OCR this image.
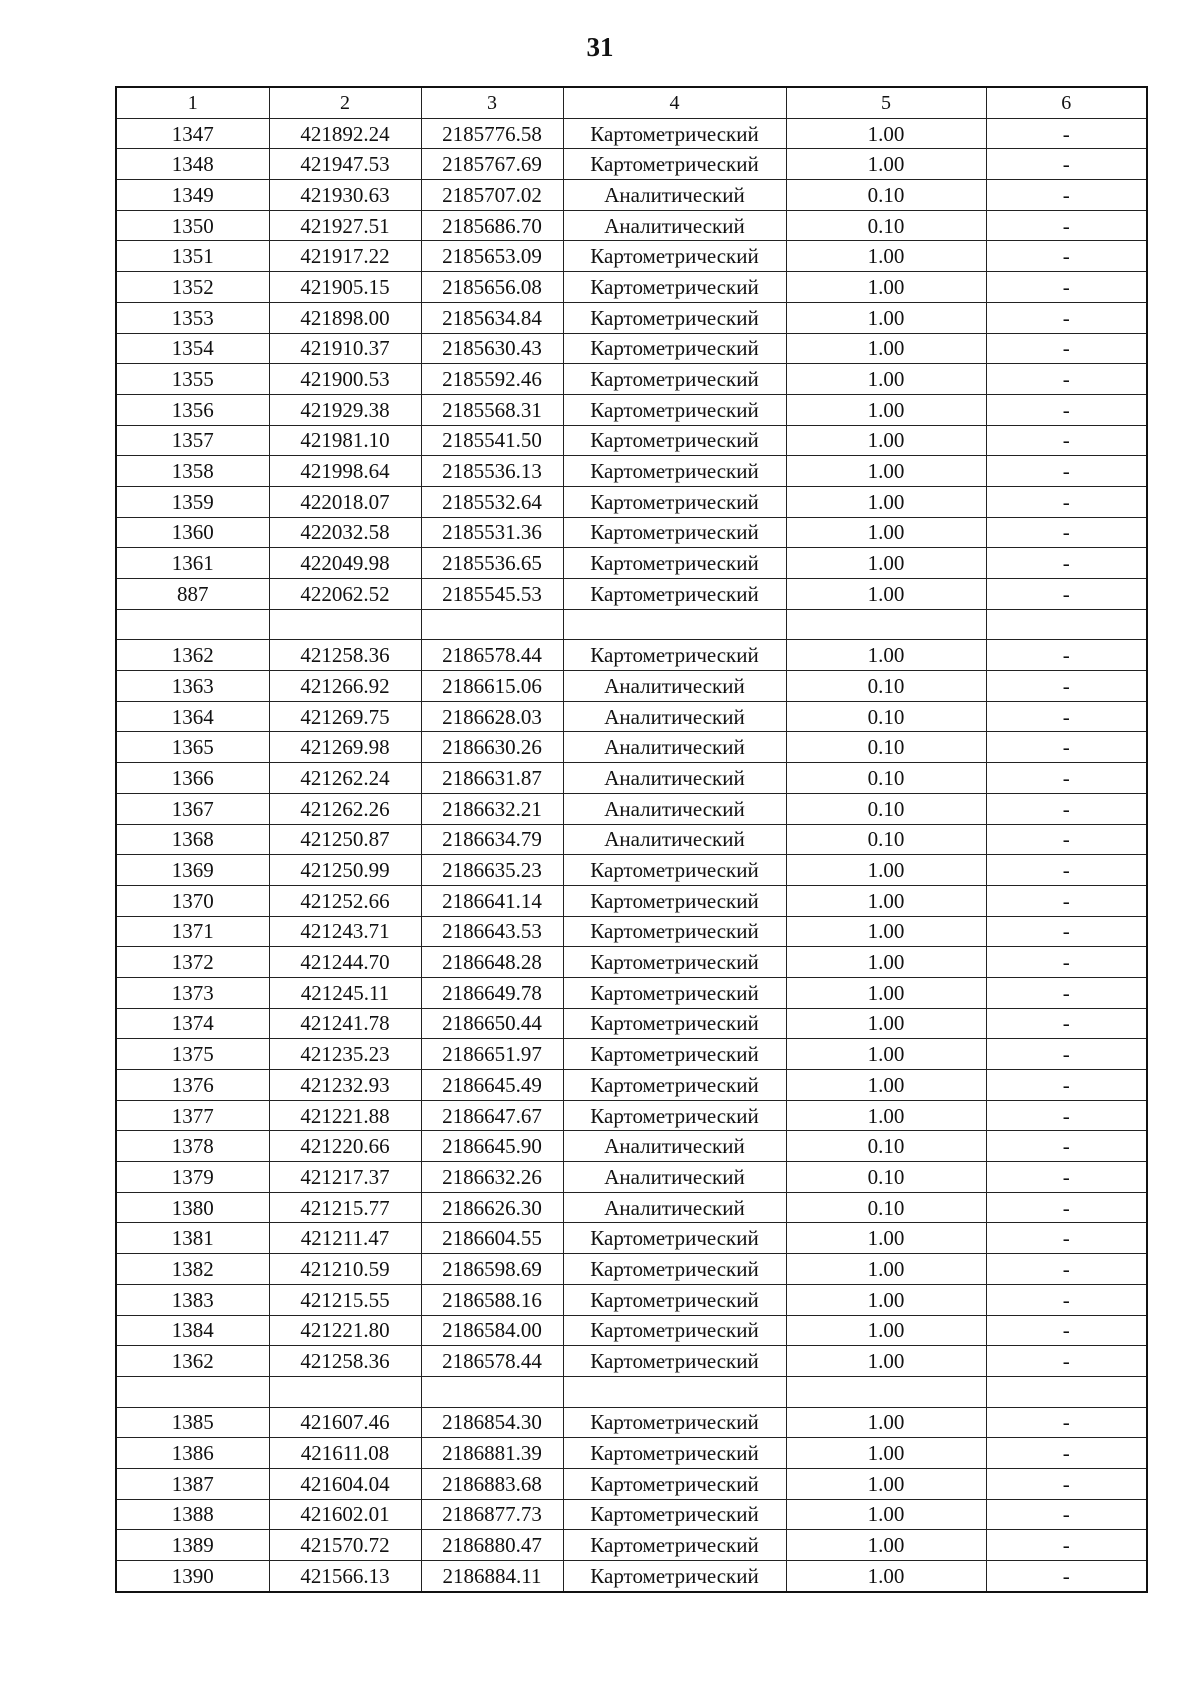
31
1	2	3	4	5	6
1347	421892.24	2185776.58	Картометрический	1.00	-
1348	421947.53	2185767.69	Картометрический	1.00	-
1349	421930.63	2185707.02	Аналитический	0.10	-
1350	421927.51	2185686.70	Аналитический	0.10	-
1351	421917.22	2185653.09	Картометрический	1.00	-
1352	421905.15	2185656.08	Картометрический	1.00	-
1353	421898.00	2185634.84	Картометрический	1.00	-
1354	421910.37	2185630.43	Картометрический	1.00	-
1355	421900.53	2185592.46	Картометрический	1.00	-
1356	421929.38	2185568.31	Картометрический	1.00	-
1357	421981.10	2185541.50	Картометрический	1.00	-
1358	421998.64	2185536.13	Картометрический	1.00	-
1359	422018.07	2185532.64	Картометрический	1.00	-
1360	422032.58	2185531.36	Картометрический	1.00	-
1361	422049.98	2185536.65	Картометрический	1.00	-
887	422062.52	2185545.53	Картометрический	1.00	-

1362	421258.36	2186578.44	Картометрический	1.00	-
1363	421266.92	2186615.06	Аналитический	0.10	-
1364	421269.75	2186628.03	Аналитический	0.10	-
1365	421269.98	2186630.26	Аналитический	0.10	-
1366	421262.24	2186631.87	Аналитический	0.10	-
1367	421262.26	2186632.21	Аналитический	0.10	-
1368	421250.87	2186634.79	Аналитический	0.10	-
1369	421250.99	2186635.23	Картометрический	1.00	-
1370	421252.66	2186641.14	Картометрический	1.00	-
1371	421243.71	2186643.53	Картометрический	1.00	-
1372	421244.70	2186648.28	Картометрический	1.00	-
1373	421245.11	2186649.78	Картометрический	1.00	-
1374	421241.78	2186650.44	Картометрический	1.00	-
1375	421235.23	2186651.97	Картометрический	1.00	-
1376	421232.93	2186645.49	Картометрический	1.00	-
1377	421221.88	2186647.67	Картометрический	1.00	-
1378	421220.66	2186645.90	Аналитический	0.10	-
1379	421217.37	2186632.26	Аналитический	0.10	-
1380	421215.77	2186626.30	Аналитический	0.10	-
1381	421211.47	2186604.55	Картометрический	1.00	-
1382	421210.59	2186598.69	Картометрический	1.00	-
1383	421215.55	2186588.16	Картометрический	1.00	-
1384	421221.80	2186584.00	Картометрический	1.00	-
1362	421258.36	2186578.44	Картометрический	1.00	-

1385	421607.46	2186854.30	Картометрический	1.00	-
1386	421611.08	2186881.39	Картометрический	1.00	-
1387	421604.04	2186883.68	Картометрический	1.00	-
1388	421602.01	2186877.73	Картометрический	1.00	-
1389	421570.72	2186880.47	Картометрический	1.00	-
1390	421566.13	2186884.11	Картометрический	1.00	-
